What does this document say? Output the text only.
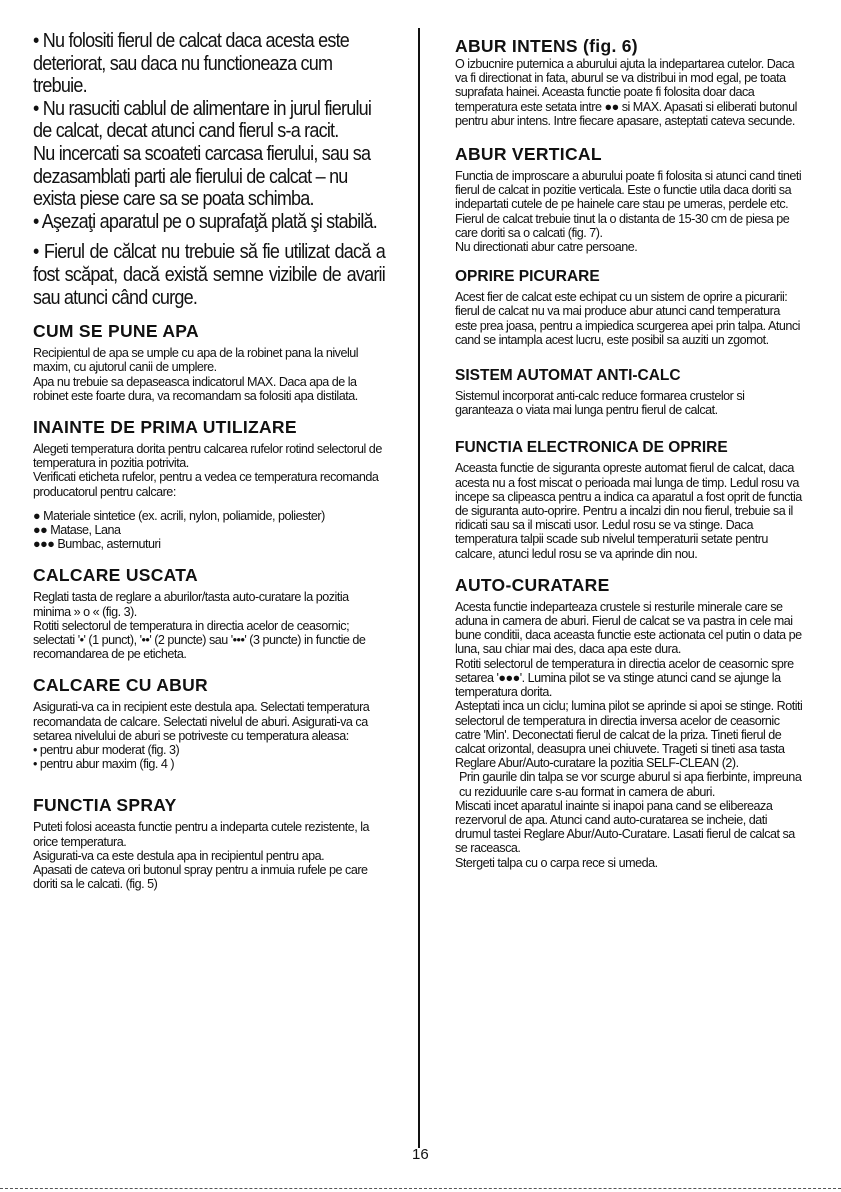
• Nu folositi fierul de calcat daca acesta este deteriorat, sau daca nu functioneaza cum trebuie.

• Nu rasuciti cablul de alimentare in jurul fierului de calcat, decat atunci cand fierul s-a racit.

Nu incercati sa scoateti carcasa fierului, sau sa dezasamblati parti ale fierului de calcat – nu exista piese care sa se poata schimba.

• Aşezaţi aparatul pe o suprafaţă plată şi stabilă.

• Fierul de călcat nu trebuie să fie utilizat dacă a fost scăpat, dacă există semne vizibile de avarii sau atunci când curge.

CUM SE PUNE APA

Recipientul de apa se umple cu apa de la robinet pana la nivelul maxim, cu ajutorul canii de umplere.

Apa nu trebuie sa depaseasca indicatorul MAX. Daca apa de la robinet este foarte dura, va recomandam sa folositi apa distilata.

INAINTE DE PRIMA UTILIZARE

Alegeti temperatura dorita pentru calcarea rufelor rotind selectorul de temperatura in pozitia potrivita.

Verificati eticheta rufelor, pentru a vedea ce temperatura recomanda producatorul pentru calcare:

● Materiale sintetice (ex. acrili, nylon, poliamide, poliester)

●● Matase, Lana

●●● Bumbac, asternuturi

CALCARE USCATA

Reglati tasta de reglare a aburilor/tasta auto-curatare la pozitia minima » o « (fig. 3).

Rotiti selectorul de temperatura in directia acelor de ceasornic; selectati '•' (1 punct), '••' (2 puncte) sau '•••' (3 puncte) in functie de recomandarea de pe eticheta.

CALCARE CU ABUR

Asigurati-va ca in recipient este destula apa. Selectati temperatura recomandata de calcare. Selectati nivelul de aburi. Asigurati-va ca setarea nivelului de aburi se potriveste cu temperatura aleasa:

• pentru abur moderat (fig. 3)

• pentru abur maxim (fig. 4 )

FUNCTIA SPRAY

Puteti folosi aceasta functie pentru a indeparta cutele rezistente, la orice temperatura.

Asigurati-va ca este destula apa in recipientul pentru apa.

Apasati de cateva ori butonul spray pentru a inmuia rufele pe care doriti sa le calcati. (fig. 5)

ABUR INTENS (fig. 6)

O izbucnire puternica a aburului ajuta la indepartarea cutelor. Daca va fi directionat in fata, aburul se va distribui in mod egal, pe toata suprafata hainei. Aceasta functie poate fi folosita doar daca temperatura este setata intre ●● si MAX. Apasati si eliberati butonul pentru abur intens. Intre fiecare apasare, asteptati cateva secunde.

ABUR VERTICAL

Functia de improscare a aburului poate fi folosita si atunci cand tineti fierul de calcat in pozitie verticala. Este o functie utila daca doriti sa indepartati cutele de pe hainele care stau pe umeras, perdele etc. Fierul de calcat trebuie tinut la o distanta de 15-30 cm de piesa pe care doriti sa o calcati (fig. 7).

Nu directionati abur catre persoane.

OPRIRE PICURARE

Acest fier de calcat este echipat cu un sistem de oprire a picurarii: fierul de calcat nu va mai produce abur atunci cand temperatura este prea joasa, pentru a impiedica scurgerea apei prin talpa. Atunci cand se intampla acest lucru, este posibil sa auziti un zgomot.

SISTEM AUTOMAT ANTI-CALC

Sistemul incorporat anti-calc reduce formarea crustelor si garanteaza o viata mai lunga pentru fierul de calcat.

FUNCTIA ELECTRONICA DE OPRIRE

Aceasta functie de siguranta opreste automat fierul de calcat, daca acesta nu a fost miscat o perioada mai lunga de timp. Ledul rosu va incepe sa clipeasca pentru a indica ca aparatul a fost oprit de functia de siguranta auto-oprire. Pentru a incalzi din nou fierul, trebuie sa il ridicati sau sa il miscati usor. Ledul rosu se va stinge. Daca temperatura talpii scade sub nivelul temperaturii setate pentru calcare, atunci ledul rosu se va aprinde din nou.

AUTO-CURATARE

Acesta functie indeparteaza crustele si resturile minerale care se aduna in camera de aburi. Fierul de calcat se va pastra in cele mai bune conditii, daca aceasta functie este actionata cel putin o data pe luna, sau chiar mai des, daca apa este dura.

Rotiti selectorul de temperatura in directia acelor de ceasornic spre setarea '●●●'. Lumina pilot se va stinge atunci cand se ajunge la temperatura dorita.

Asteptati inca un ciclu; lumina pilot se aprinde si apoi se stinge. Rotiti selectorul de temperatura in directia inversa acelor de ceasornic catre 'Min'. Deconectati fierul de calcat de la priza. Tineti fierul de calcat orizontal, deasupra unei chiuvete. Trageti si tineti asa tasta Reglare Abur/Auto-curatare la pozitia SELF-CLEAN (2).

Prin gaurile din talpa se vor scurge aburul si apa fierbinte, impreuna cu reziduurile care s-au format in camera de aburi.

Miscati incet aparatul inainte si inapoi pana cand se elibereaza rezervorul de apa. Atunci cand auto-curatarea se incheie, dati drumul tastei Reglare Abur/Auto-Curatare. Lasati fierul de calcat sa se raceasca.

Stergeti talpa cu o carpa rece si umeda.

16
